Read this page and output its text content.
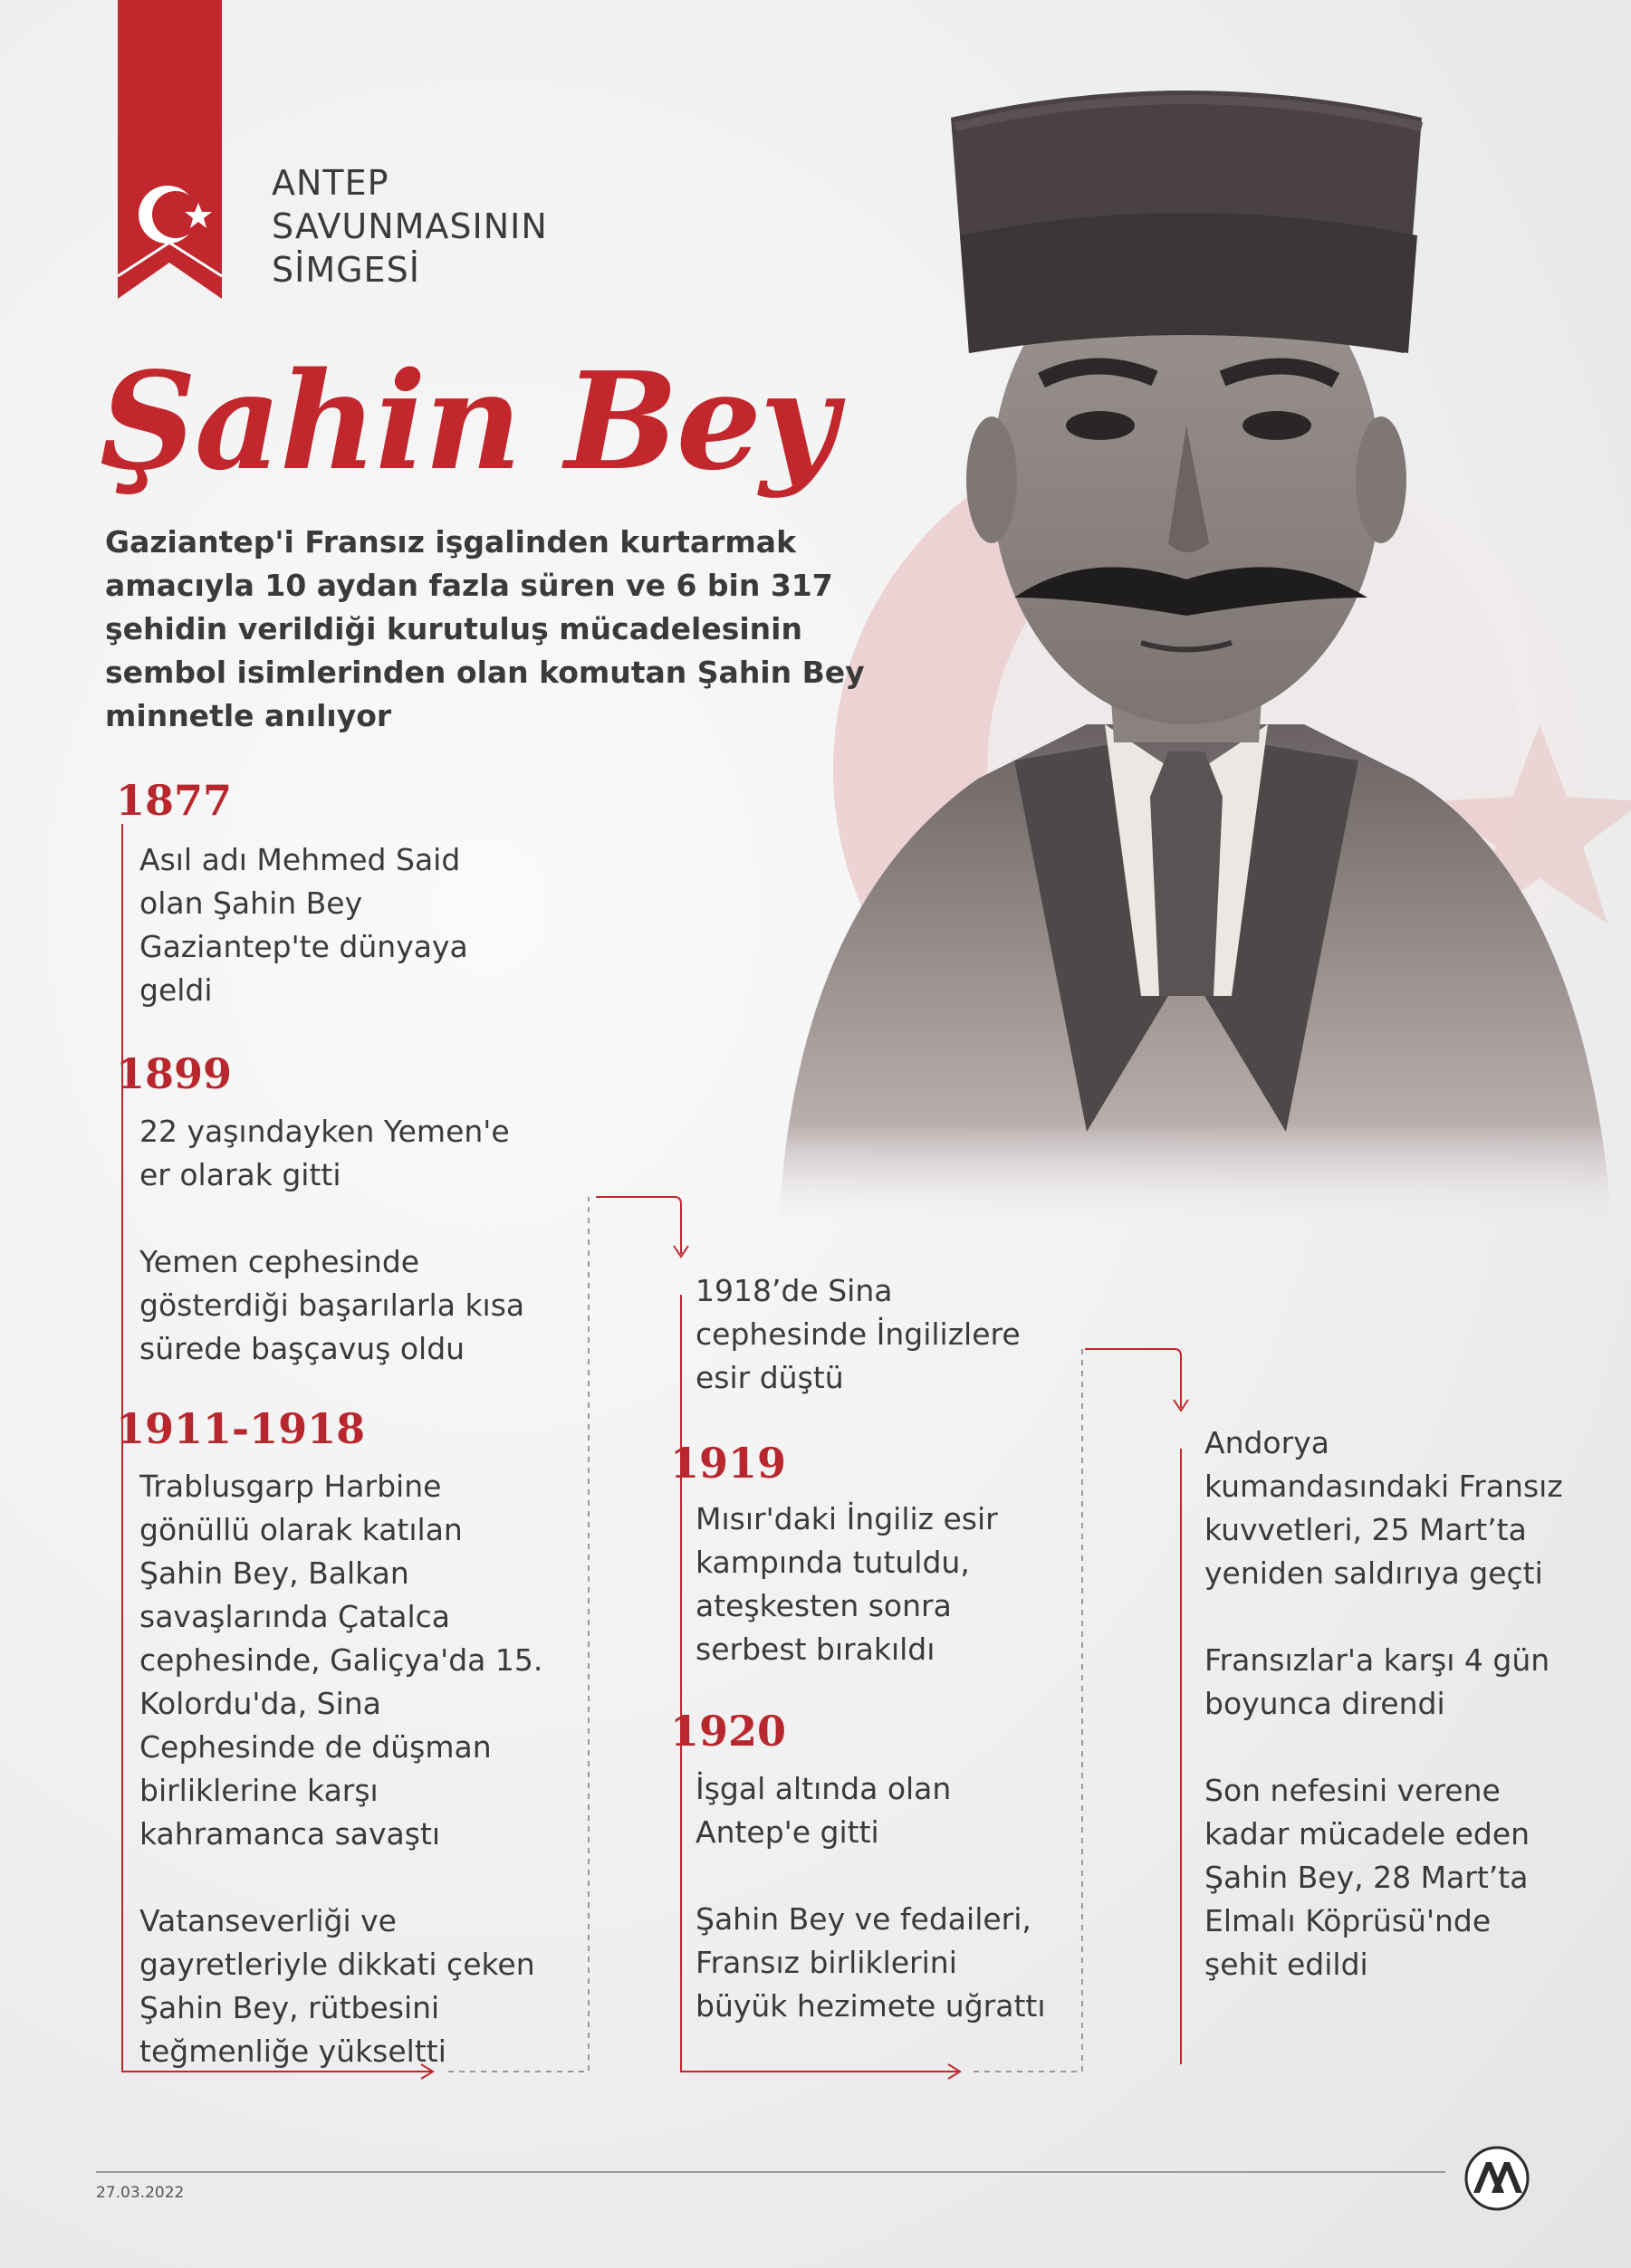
ANTEP
SAVUNMASININ
SİMGESİ
Şahin Bey
Gaziantep'i Fransız işgalinden kurtarmak amacıyla 10 aydan fazla süren ve 6 bin 317 şehidin verildiği kurutuluş mücadelesinin sembol isimlerinden olan komutan Şahin Bey minnetle anılıyor
1877
Asıl adı Mehmed Said olan Şahin Bey Gaziantep'te dünyaya geldi
1899

22 yaşındayken Yemen'e er olarak gitti

Yemen cephesinde gösterdiği başarılarla kısa sürede başçavuş oldu

1911-1918

Trablusgarp Harbine gönüllü olarak katılan Şahin Bey, Balkan savaşlarında Çatalca cephesinde, Galiçya'da 15. Kolordu'da, Sina Cephesinde de düşman birliklerine karşı kahramanca savaştı

Vatanseverliği ve gayretleriyle dikkati çeken Şahin Bey, rütbesini teğmenliğe yükseltti

1918’de Sina cephesinde İngilizlere esir düştü
1919
Mısır'daki İngiliz esir kampında tutuldu, ateşkesten sonra serbest bırakıldı
1920

İşgal altında olan Antep'e gitti

Şahin Bey ve fedaileri, Fransız birliklerini büyük hezimete uğrattı

Andorya kumandasındaki Fransız kuvvetleri, 25 Mart’ta yeniden saldırıya geçti

Fransızlar'a karşı 4 gün boyunca direndi

Son nefesini verene kadar mücadele eden Şahin Bey, 28 Mart’ta Elmalı Köprüsü'nde şehit edildi

27.03.2022
